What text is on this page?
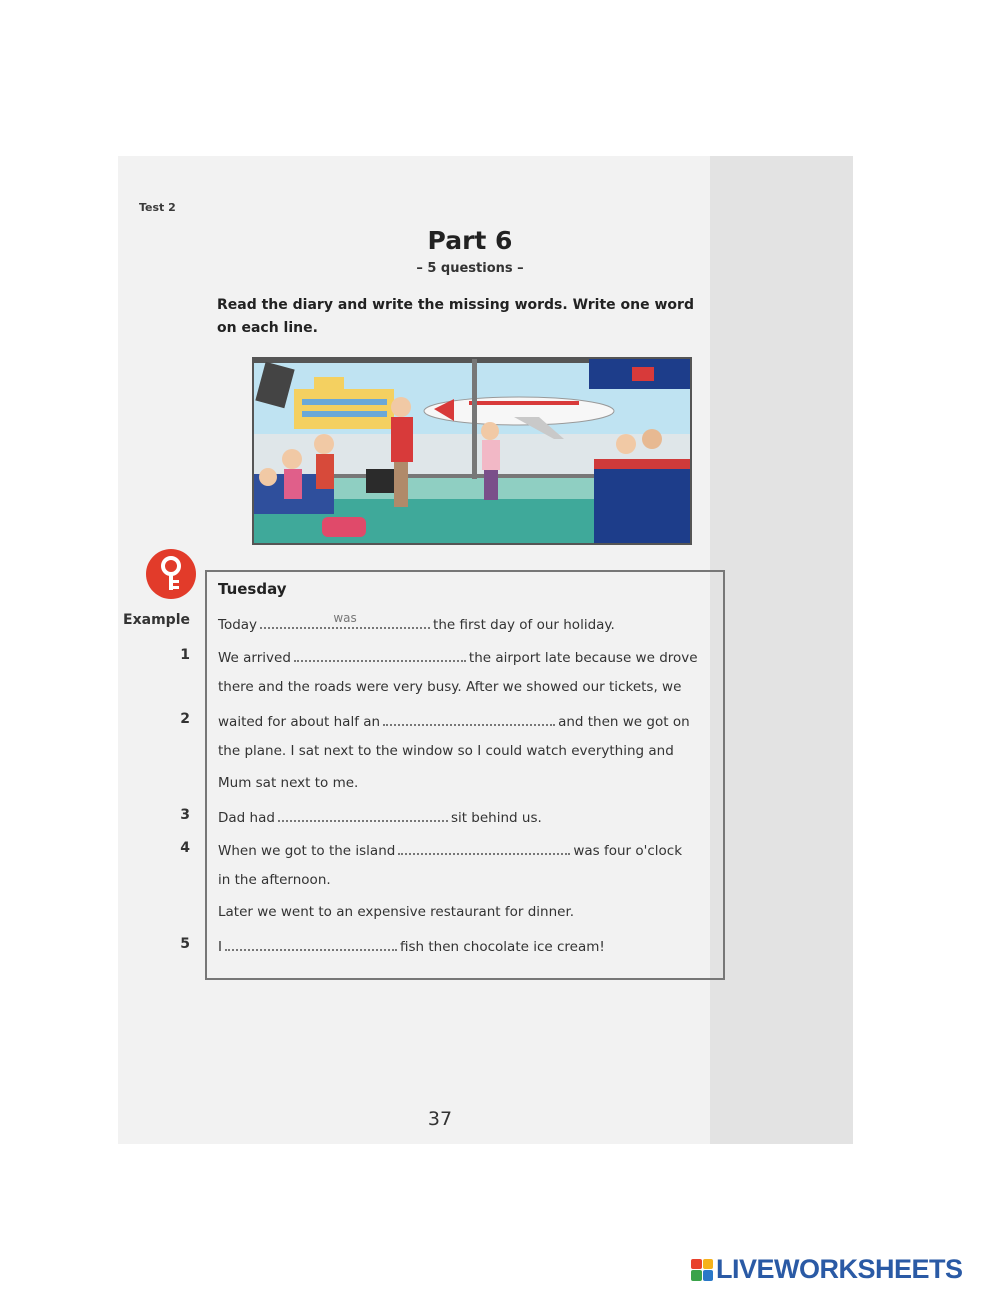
Test 2
Part 6
– 5 questions –
Read the diary and write the missing words. Write one word on each line.
Tuesday
Example Today	was	the first day of our holiday.
1 We arrived	the airport late because we drove
there and the roads were very busy. After we showed our tickets, we
2 waited for about half an	and then we got on
the plane. I sat next to the window so I could watch everything and
Mum sat next to me.
3 Dad had	sit behind us.
4 When we got to the island	was four o'clock
in the afternoon.
Later we went to an expensive restaurant for dinner.
5 I	fish then chocolate ice cream!
37
LIVEWORKSHEETS
